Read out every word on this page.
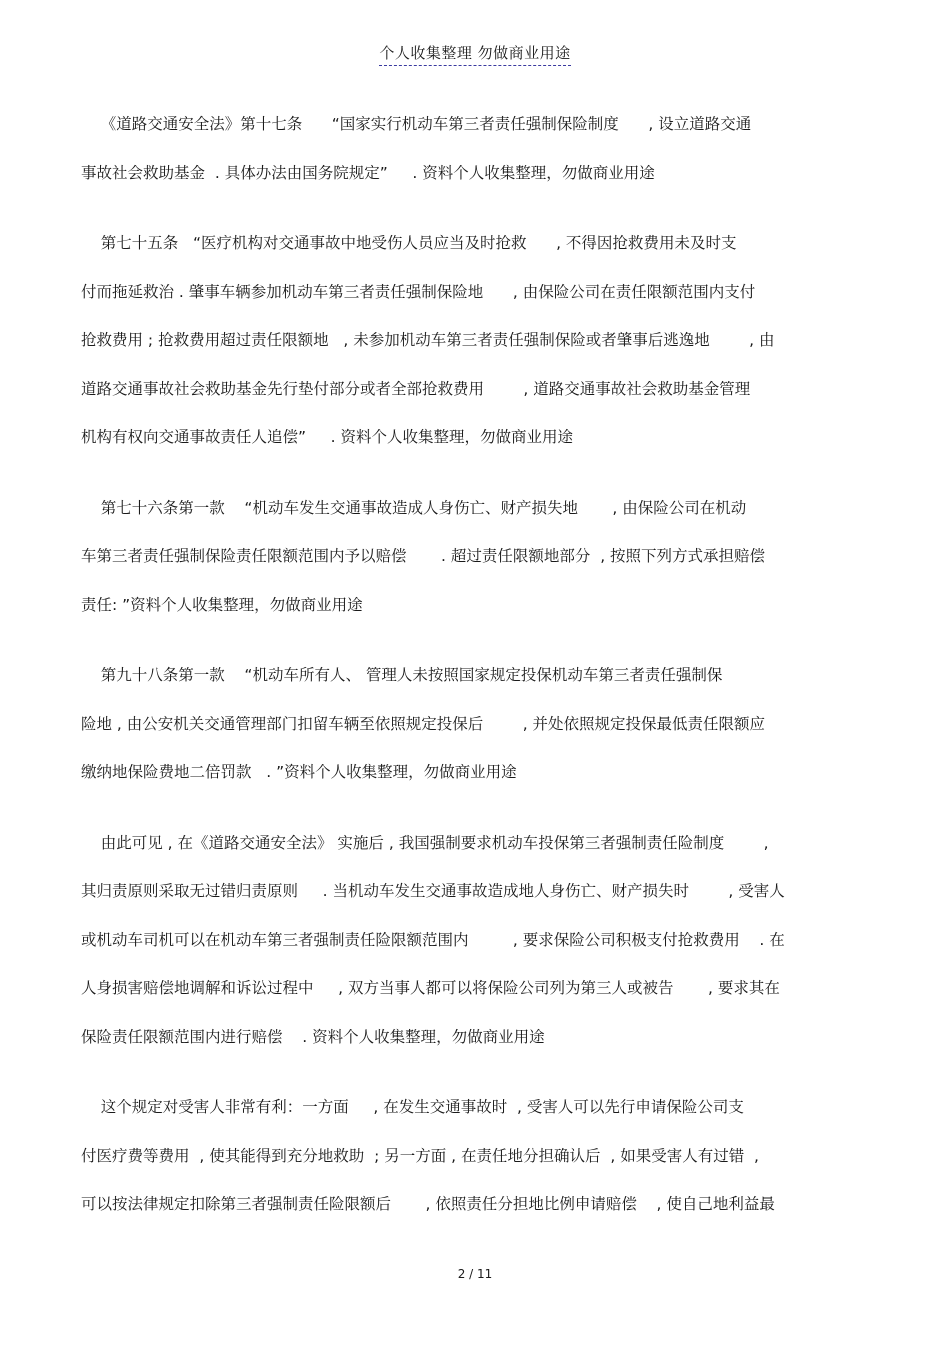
个人收集整理 勿做商业用途
《道路交通安全法》第十七条      “国家实行机动车第三者责任强制保险制度      , 设立道路交通
事故社会救助基金  . 具体办法由国务院规定”     . 资料个人收集整理，勿做商业用途
第七十五条   “医疗机构对交通事故中地受伤人员应当及时抢救      , 不得因抢救费用未及时支
付而拖延救治 . 肇事车辆参加机动车第三者责任强制保险地      , 由保险公司在责任限额范围内支付
抢救费用 ; 抢救费用超过责任限额地   , 未参加机动车第三者责任强制保险或者肇事后逃逸地        , 由
道路交通事故社会救助基金先行垫付部分或者全部抢救费用        , 道路交通事故社会救助基金管理
机构有权向交通事故责任人追偿”     . 资料个人收集整理，勿做商业用途
第七十六条第一款    “机动车发生交通事故造成人身伤亡、财产损失地       , 由保险公司在机动
车第三者责任强制保险责任限额范围内予以赔偿       . 超过责任限额地部分  , 按照下列方式承担赔偿
责任: ”资料个人收集整理，勿做商业用途
第九十八条第一款    “机动车所有人、 管理人未按照国家规定投保机动车第三者责任强制保
险地 , 由公安机关交通管理部门扣留车辆至依照规定投保后        , 并处依照规定投保最低责任限额应
缴纳地保险费地二倍罚款   . ”资料个人收集整理，勿做商业用途
由此可见 , 在《道路交通安全法》 实施后 , 我国强制要求机动车投保第三者强制责任险制度        ,
其归责原则采取无过错归责原则     . 当机动车发生交通事故造成地人身伤亡、财产损失时        , 受害人
或机动车司机可以在机动车第三者强制责任险限额范围内         , 要求保险公司积极支付抢救费用    . 在
人身损害赔偿地调解和诉讼过程中     , 双方当事人都可以将保险公司列为第三人或被告       , 要求其在
保险责任限额范围内进行赔偿    . 资料个人收集整理，勿做商业用途
这个规定对受害人非常有利：一方面     , 在发生交通事故时  , 受害人可以先行申请保险公司支
付医疗费等费用  , 使其能得到充分地救助  ; 另一方面 , 在责任地分担确认后  , 如果受害人有过错  ,
可以按法律规定扣除第三者强制责任险限额后       , 依照责任分担地比例申请赔偿    , 使自己地利益最
2 / 11
